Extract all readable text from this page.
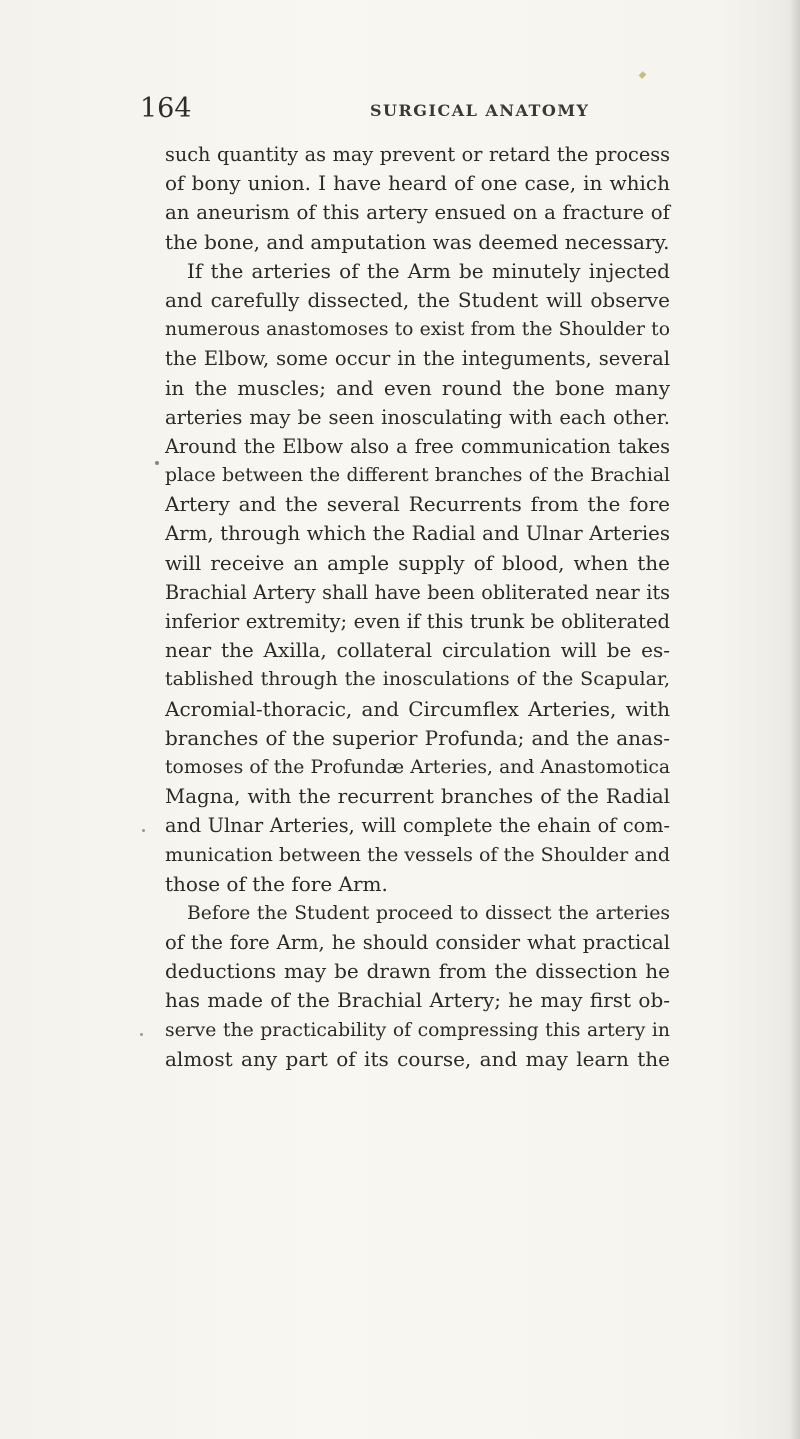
164	SURGICAL ANATOMY
such quantity as may prevent or retard the process
of bony union. I have heard of one case, in which
an aneurism of this artery ensued on a fracture of
the bone, and amputation was deemed necessary.
If the arteries of the Arm be minutely injected
and carefully dissected, the Student will observe
numerous anastomoses to exist from the Shoulder to
the Elbow, some occur in the integuments, several
in the muscles; and even round the bone many
arteries may be seen inosculating with each other.
Around the Elbow also a free communication takes
place between the different branches of the Brachial
Artery and the several Recurrents from the fore
Arm, through which the Radial and Ulnar Arteries
will receive an ample supply of blood, when the
Brachial Artery shall have been obliterated near its
inferior extremity; even if this trunk be obliterated
near the Axilla, collateral circulation will be es-
tablished through the inosculations of the Scapular,
Acromial-thoracic, and Circumflex Arteries, with
branches of the superior Profunda; and the anas-
tomoses of the Profundæ Arteries, and Anastomotica
Magna, with the recurrent branches of the Radial
and Ulnar Arteries, will complete the ehain of com-
munication between the vessels of the Shoulder and
those of the fore Arm.
Before the Student proceed to dissect the arteries
of the fore Arm, he should consider what practical
deductions may be drawn from the dissection he
has made of the Brachial Artery; he may first ob-
serve the practicability of compressing this artery in
almost any part of its course, and may learn the
